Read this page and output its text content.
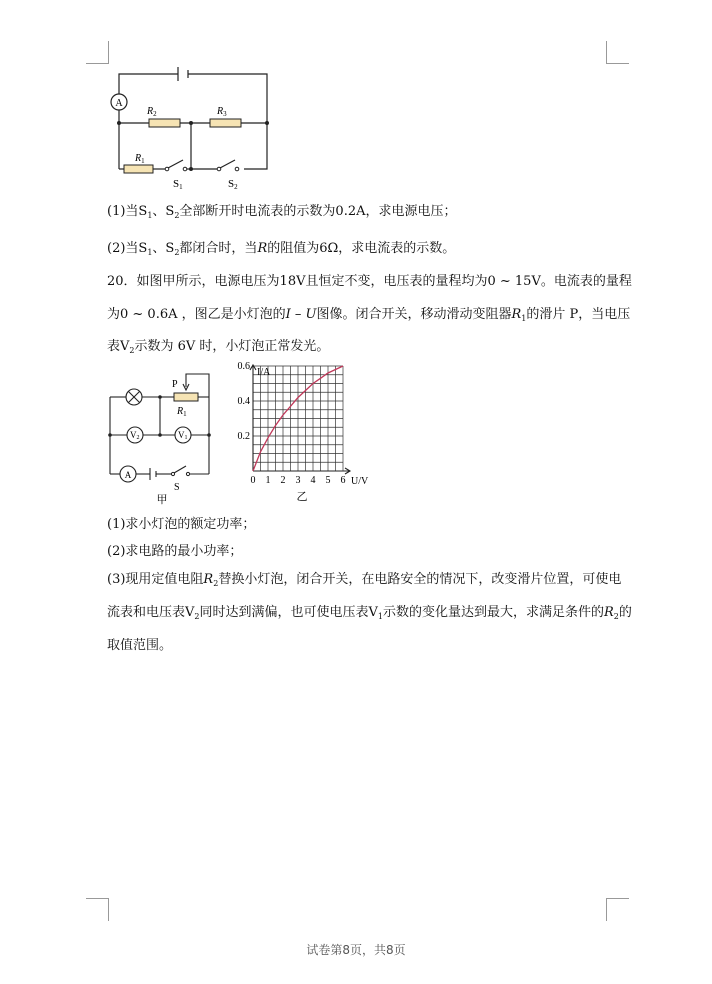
A
$R_2$	$R_3$
$R_1$
S1	S2
(1)当$S_1$、$S_2$全部断开时电流表的示数为0.2A，求电源电压；
(2)当$S_1$、$S_2$都闭合时，当R的阻值为6Ω，求电流表的示数。
20．如图甲所示，电源电压为18V且恒定不变，电压表的量程均为0 ~ 15V。电流表的量程
为0 ~ 0.6A ，图乙是小灯泡的I – U图像。闭合开关，移动滑动变阻器$R_1$的滑片 P，当电压
表$V_2$示数为 6V 时，小灯泡正常发光。
P
$R_1$
V2	V1
A
S
甲
0 1 2 3 4 5 6
0.2
0.4
0.6
I/A
U/V
乙
(1)求小灯泡的额定功率；
(2)求电路的最小功率；
(3)现用定值电阻$R_2$替换小灯泡，闭合开关，在电路安全的情况下，改变滑片位置，可使电
流表和电压表$V_2$同时达到满偏，也可使电压表$V_1$示数的变化量达到最大，求满足条件的$R_2$的
取值范围。
试卷第8页，共8页
